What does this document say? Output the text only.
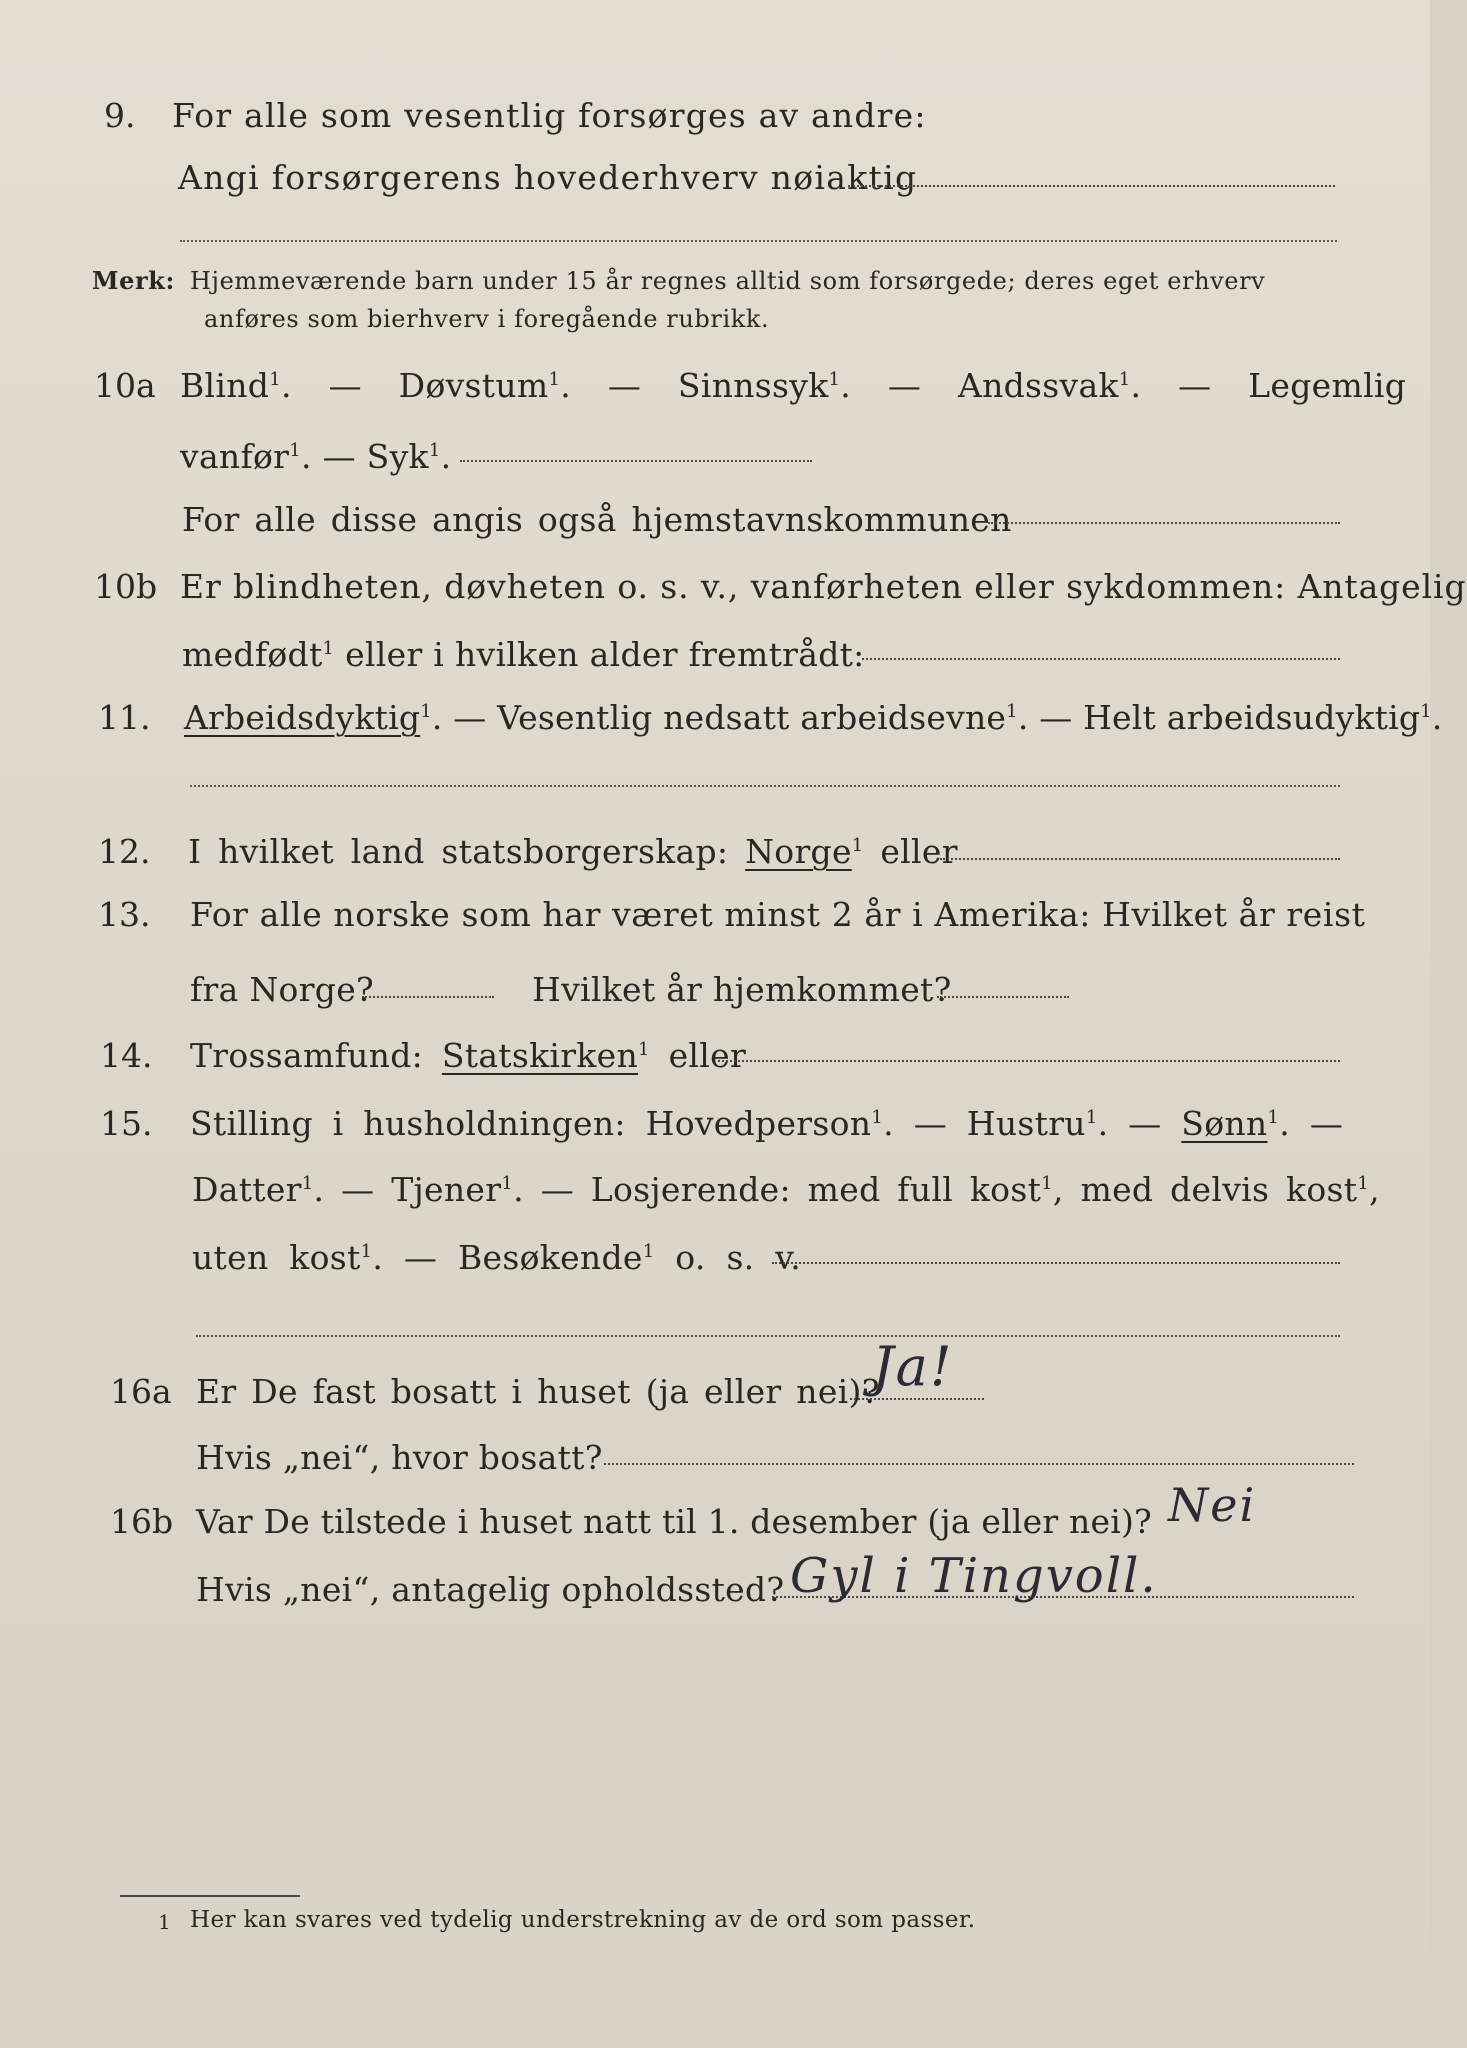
9. For alle som vesentlig forsørges av andre:
Angi forsørgerens hovederhverv nøiaktig
Merk: Hjemmeværende barn under 15 år regnes alltid som forsørgede; deres eget erhverv
anføres som bierhverv i foregående rubrikk.
10a Blind$^1$. — Døvstum$^1$. — Sinnssyk$^1$. — Andssvak$^1$. — Legemlig
vanfør$^1$. — Syk$^1$.
For alle disse angis også hjemstavnskommunen
10b Er blindheten, døvheten o. s. v., vanførheten eller sykdommen: Antagelig
medfødt$^1$ eller i hvilken alder fremtrådt:
11. Arbeidsdyktig$^1$. — Vesentlig nedsatt arbeidsevne$^1$. — Helt arbeidsudyktig$^1$.
12. I hvilket land statsborgerskap: Norge$^1$ eller
13. For alle norske som har været minst 2 år i Amerika: Hvilket år reist
fra Norge?	Hvilket år hjemkommet?
14. Trossamfund: Statskirken$^1$ eller
15. Stilling i husholdningen: Hovedperson$^1$. — Hustru$^1$. — Sønn$^1$. —
Datter$^1$. — Tjener$^1$. — Losjerende: med full kost$^1$, med delvis kost$^1$,
uten kost$^1$. — Besøkende$^1$ o. s. v.
16a Er De fast bosatt i huset (ja eller nei)?
Ja!
Hvis „nei“, hvor bosatt?
16b Var De tilstede i huset natt til 1. desember (ja eller nei)? Nei
Hvis „nei“, antagelig opholdssted? Gyl i Tingvoll.
1 Her kan svares ved tydelig understrekning av de ord som passer.
